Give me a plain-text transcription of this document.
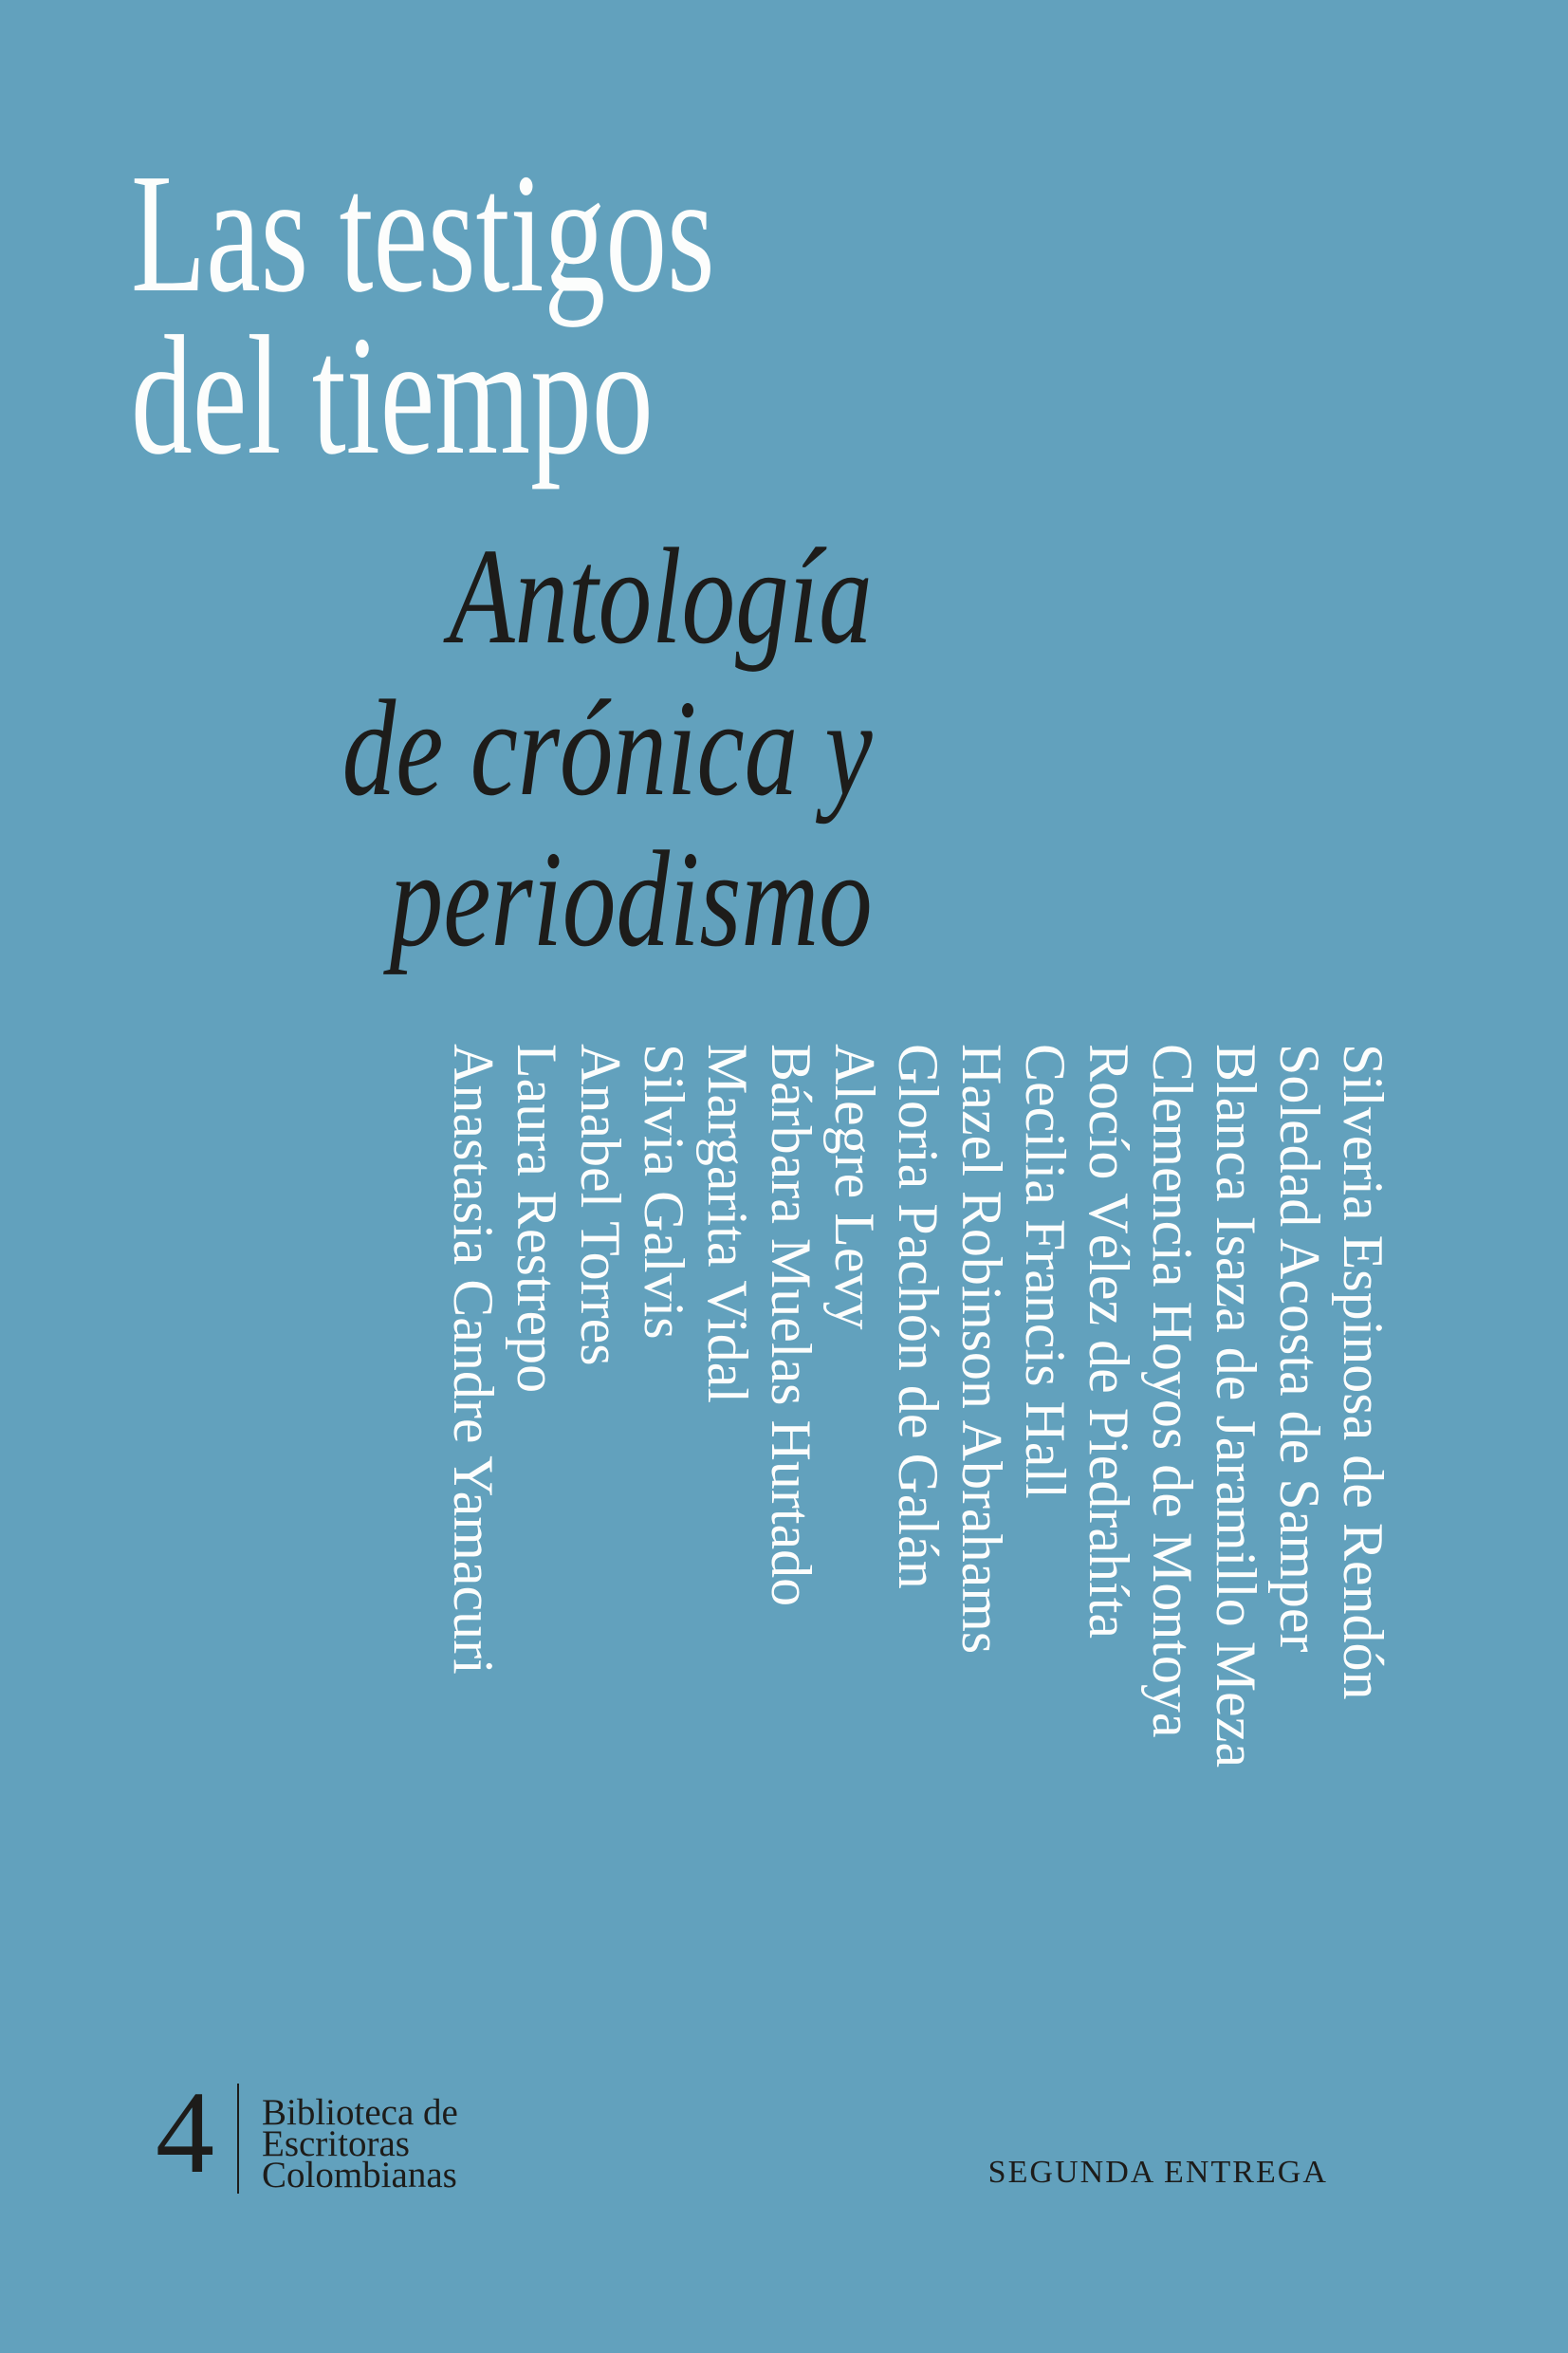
Las testigos
del tiempo
Antología
de crónica y
periodismo
Silveria Espinosa de Rendón
Soledad Acosta de Samper
Blanca Isaza de Jaramillo Meza
Clemencia Hoyos de Montoya
Rocío Vélez de Piedrahíta
Cecilia Francis Hall
Hazel Robinson Abrahams
Gloria Pachón de Galán
Alegre Levy
Bárbara Muelas Hurtado
Margarita Vidal
Silvia Galvis
Anabel Torres
Laura Restrepo
Anastasia Candre Yamacuri
4 Biblioteca de
Escritoras
Colombianas	SEGUNDA ENTREGA
